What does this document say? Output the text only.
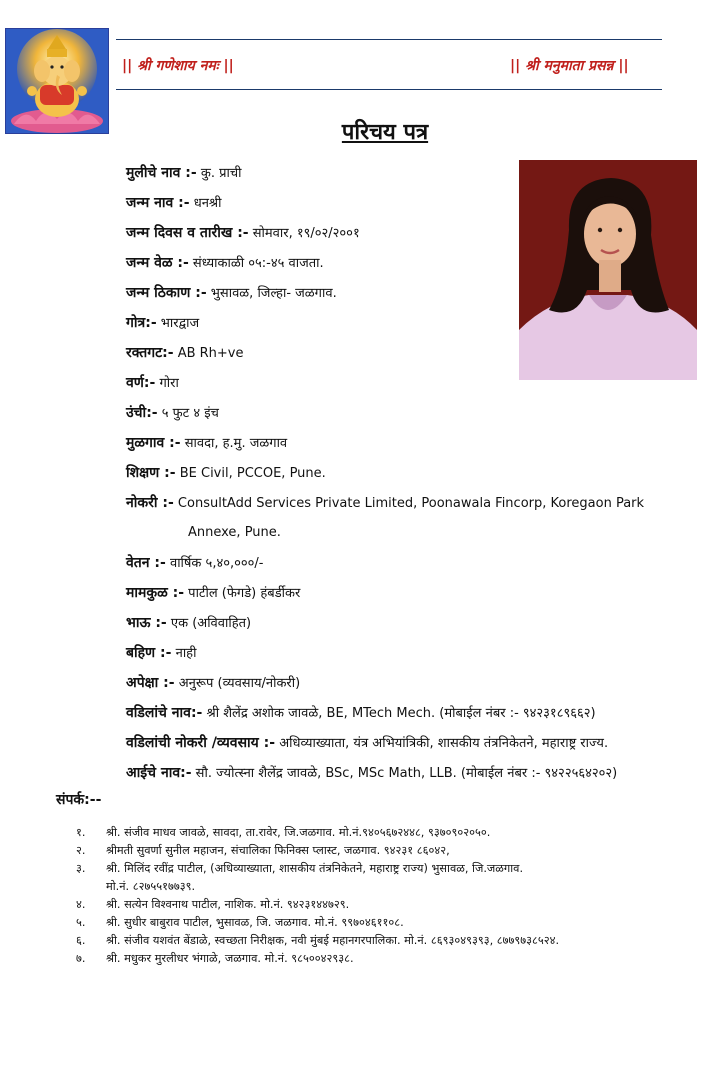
|| श्री गणेशाय नमः ||	|| श्री मनुमाता प्रसन्न ||
परिचय पत्र
मुलीचे नाव :- कु. प्राची
जन्म नाव :- धनश्री
जन्म दिवस व तारीख :- सोमवार, १९/०२/२००१
जन्म वेळ :- संध्याकाळी ०५:-४५ वाजता.
जन्म ठिकाण :- भुसावळ, जिल्हा- जळगाव.
गोत्र:- भारद्वाज
रक्तगट:- AB Rh+ve
वर्ण:- गोरा
उंची:- ५ फुट ४ इंच
मुळगाव :- सावदा, ह.मु. जळगाव
शिक्षण :- BE Civil, PCCOE, Pune.
नोकरी :- ConsultAdd Services Private Limited, Poonawala Fincorp, Koregaon Park
Annexe, Pune.
वेतन :- वार्षिक ५,४०,०००/-
मामकुळ :- पाटील (फेगडे) हंबर्डीकर
भाऊ :- एक (अविवाहित)
बहिण :- नाही
अपेक्षा :- अनुरूप (व्यवसाय/नोकरी)
वडिलांचे नाव:- श्री शैलेंद्र अशोक जावळे, BE, MTech Mech. (मोबाईल नंबर :- ९४२३१८९६६२)
वडिलांची नोकरी /व्यवसाय :- अधिव्याख्याता, यंत्र अभियांत्रिकी, शासकीय तंत्रनिकेतने, महाराष्ट्र राज्य.
आईचे नाव:- सौ. ज्योत्स्ना शैलेंद्र जावळे, BSc, MSc Math, LLB. (मोबाईल नंबर :- ९४२२५६४२०२)
संपर्क:--
१.	श्री. संजीव माधव जावळे, सावदा, ता.रावेर, जि.जळगाव. मो.नं.९४०५६७२४४८, ९३७०९०२०५०.
२.	श्रीमती सुवर्णा सुनील महाजन, संचालिका फिनिक्स प्लास्ट, जळगाव. ९४२३१ ८६०४२,
३.	श्री. मिलिंद रवींद्र पाटील, (अधिव्याख्याता, शासकीय तंत्रनिकेतने, महाराष्ट्र राज्य) भुसावळ, जि.जळगाव.
मो.नं. ८२७५५१७७३९.
४.	श्री. सत्येन विश्वनाथ पाटील, नाशिक. मो.नं. ९४२३१४४७२९.
५.	श्री. सुधीर बाबुराव पाटील, भुसावळ, जि. जळगाव. मो.नं. ९९७०४६११०८.
६.	श्री. संजीव यशवंत बेंडाळे, स्वच्छता निरीक्षक, नवी मुंबई महानगरपालिका. मो.नं. ८६९३०४९३९३, ८७७९७३८५२४.
७.	श्री. मधुकर मुरलीधर भंगाळे, जळगाव. मो.नं. ९८५००४२९३८.
